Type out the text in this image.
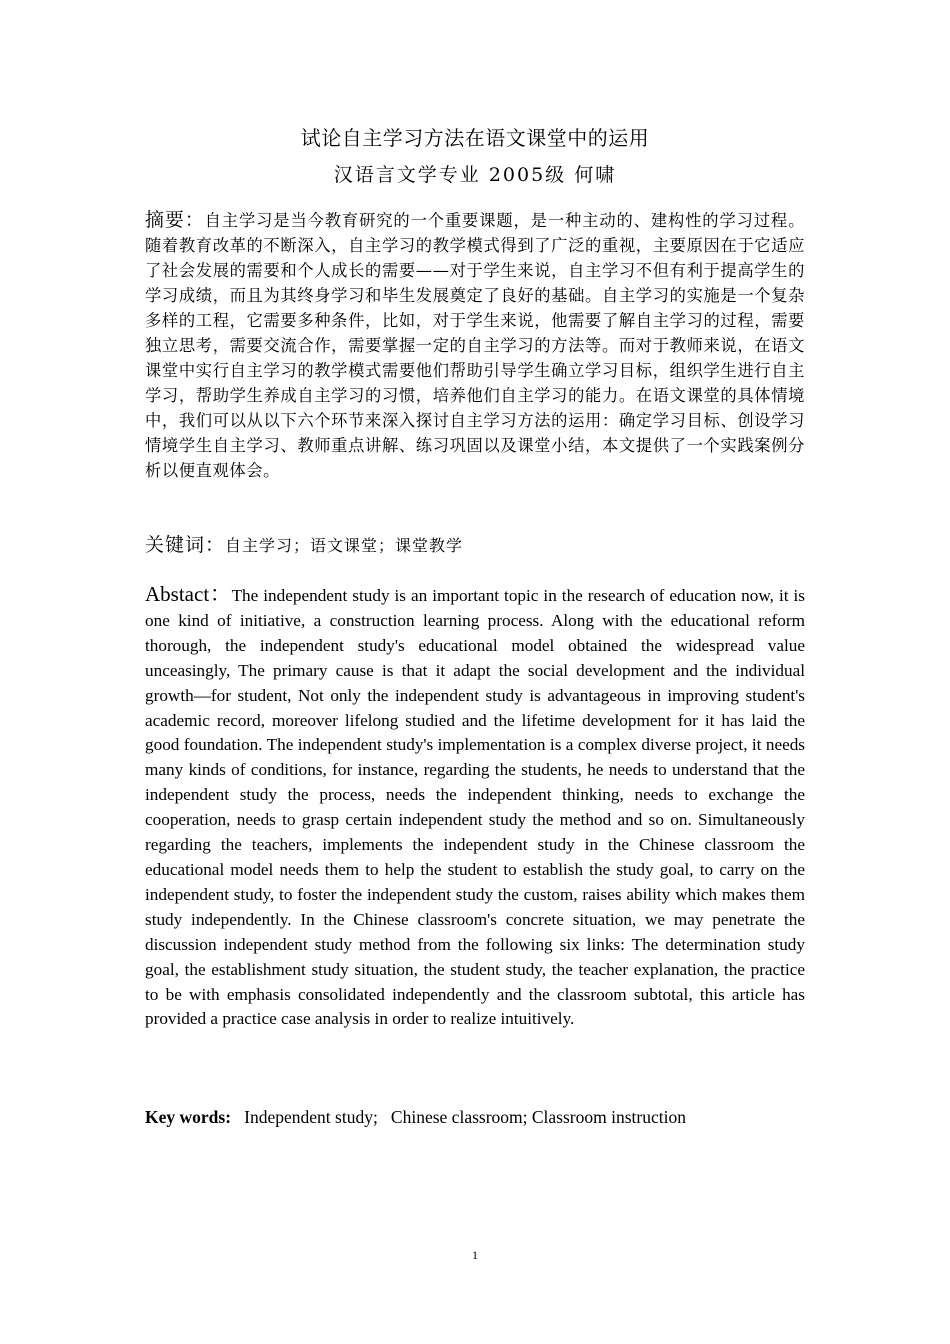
试论自主学习方法在语文课堂中的运用
汉语言文学专业 2005级 何啸
摘要：自主学习是当今教育研究的一个重要课题，是一种主动的、建构性的学习过程。随着教育改革的不断深入，自主学习的教学模式得到了广泛的重视，主要原因在于它适应了社会发展的需要和个人成长的需要——对于学生来说，自主学习不但有利于提高学生的学习成绩，而且为其终身学习和毕生发展奠定了良好的基础。自主学习的实施是一个复杂多样的工程，它需要多种条件，比如，对于学生来说，他需要了解自主学习的过程，需要独立思考，需要交流合作，需要掌握一定的自主学习的方法等。而对于教师来说，在语文课堂中实行自主学习的教学模式需要他们帮助引导学生确立学习目标，组织学生进行自主学习，帮助学生养成自主学习的习惯，培养他们自主学习的能力。在语文课堂的具体情境中，我们可以从以下六个环节来深入探讨自主学习方法的运用：确定学习目标、创设学习情境学生自主学习、教师重点讲解、练习巩固以及课堂小结，本文提供了一个实践案例分析以便直观体会。
关键词：自主学习；语文课堂；课堂教学
Abstact：The independent study is an important topic in the research of education now, it is one kind of initiative, a construction learning process. Along with the educational reform thorough, the independent study's educational model obtained the widespread value unceasingly, The primary cause is that it adapt the social development and the individual growth—for student, Not only the independent study is advantageous in improving student's academic record, moreover lifelong studied and the lifetime development for it has laid the good foundation. The independent study's implementation is a complex diverse project, it needs many kinds of conditions, for instance, regarding the students, he needs to understand that the independent study the process, needs the independent thinking, needs to exchange the cooperation, needs to grasp certain independent study the method and so on. Simultaneously regarding the teachers, implements the independent study in the Chinese classroom the educational model needs them to help the student to establish the study goal, to carry on the independent study, to foster the independent study the custom, raises ability which makes them study independently. In the Chinese classroom's concrete situation, we may penetrate the discussion independent study method from the following six links: The determination study goal, the establishment study situation, the student study, the teacher explanation, the practice to be with emphasis consolidated independently and the classroom subtotal, this article has provided a practice case analysis in order to realize intuitively.
Key words: Independent study;   Chinese classroom; Classroom instruction
1
